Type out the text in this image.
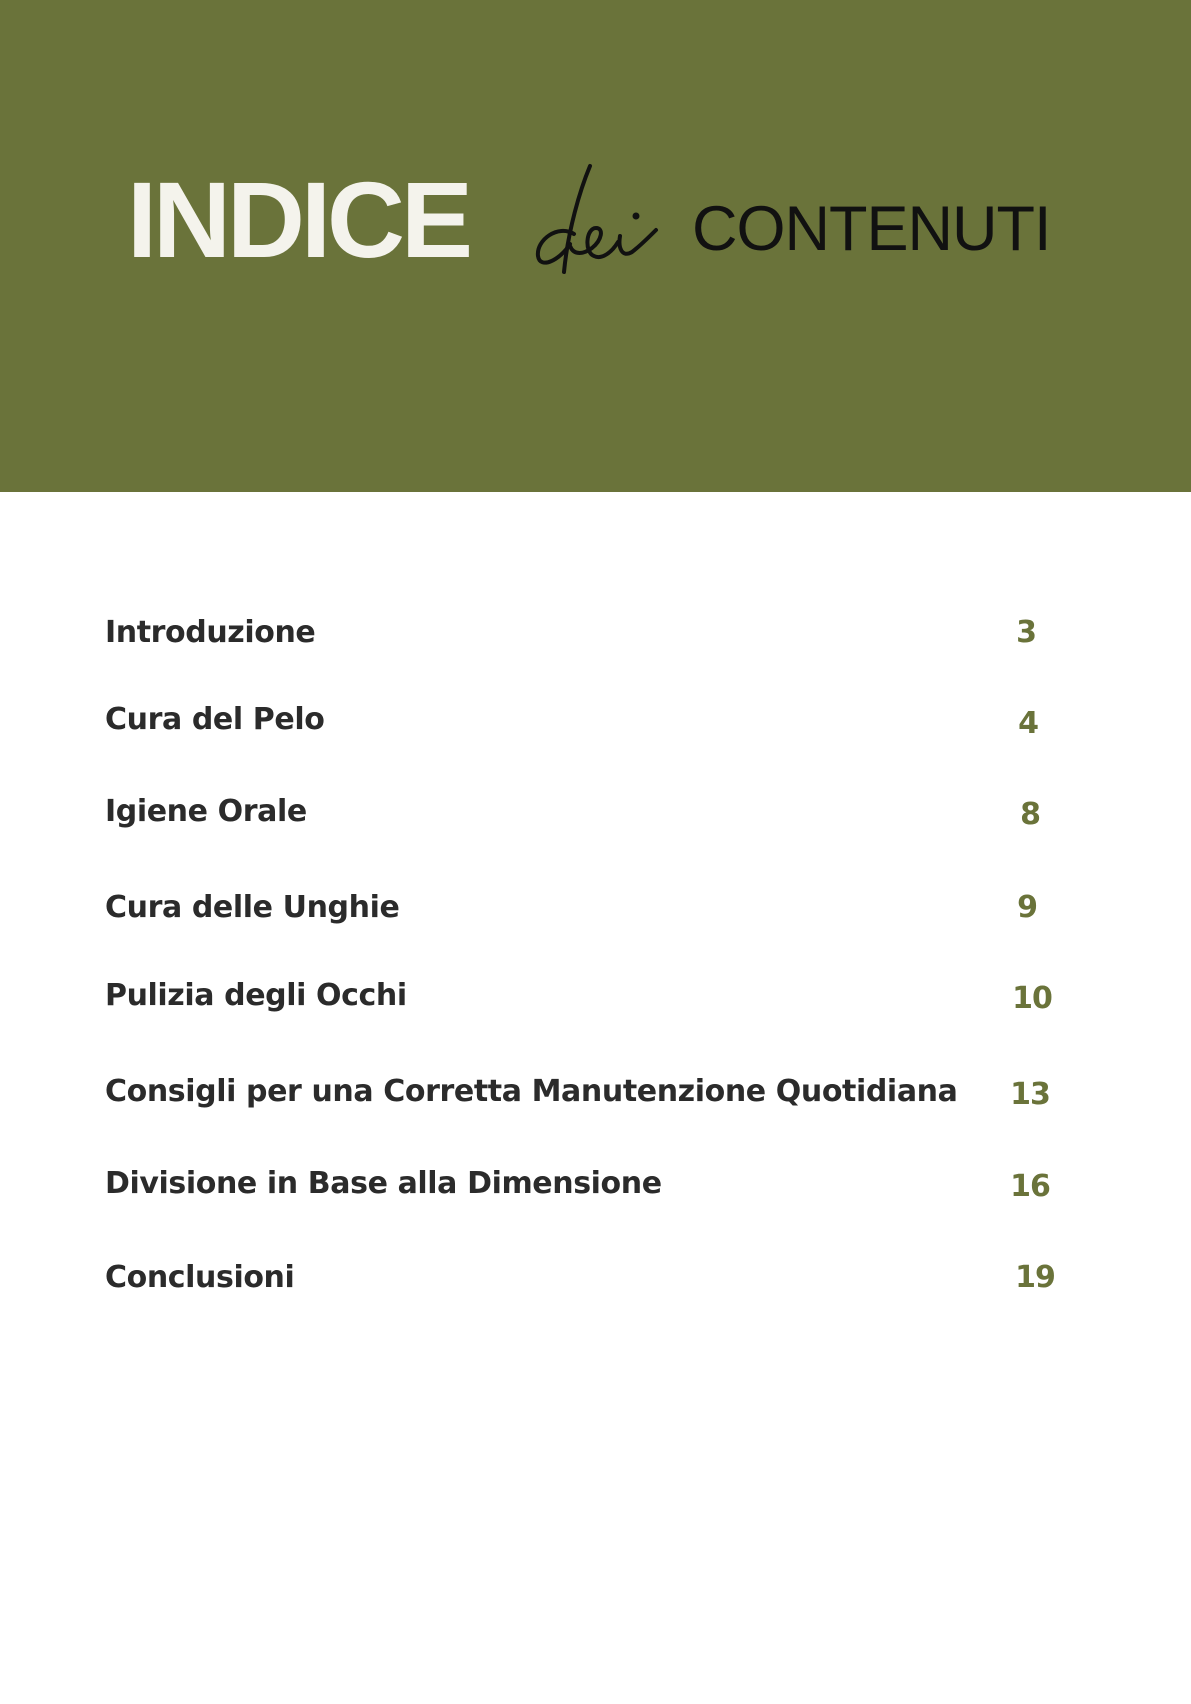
INDICE	CONTENUTI
Introduzione	3
Cura del Pelo	4
Igiene Orale	8
Cura delle Unghie	9
Pulizia degli Occhi	10
Consigli per una Corretta Manutenzione Quotidiana	13
Divisione in Base alla Dimensione	16
Conclusioni	19
